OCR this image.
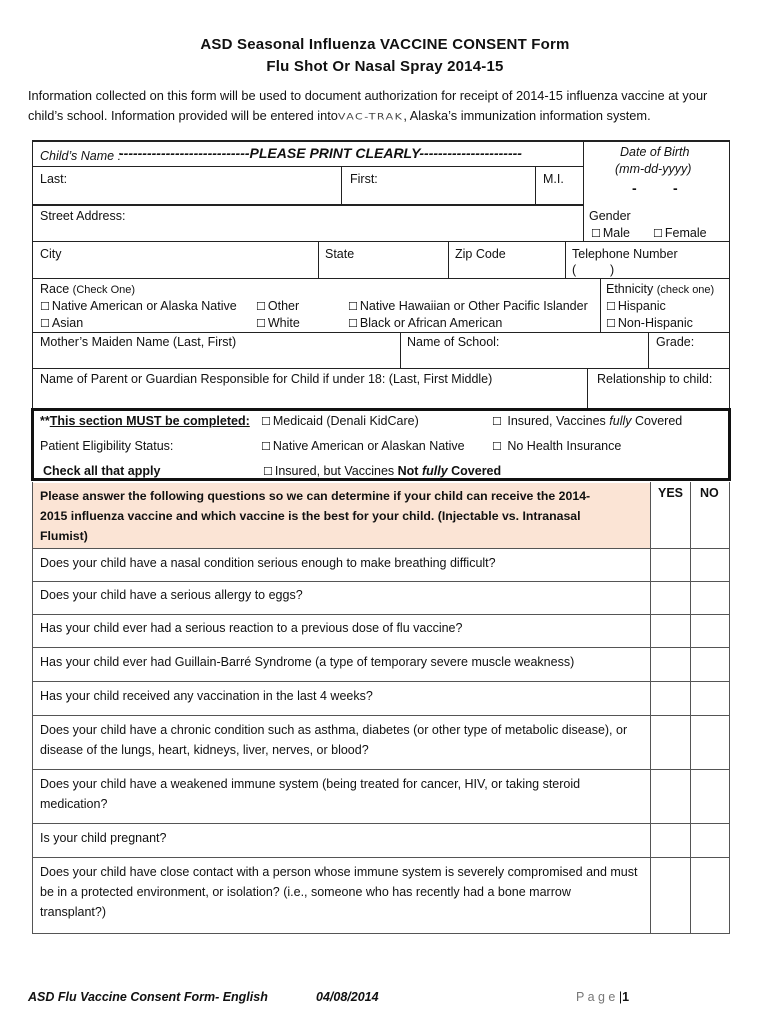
ASD Seasonal Influenza VACCINE CONSENT Form
Flu Shot Or Nasal Spray 2014-15
Information collected on this form will be used to document authorization for receipt of 2014-15 influenza vaccine at your child’s school. Information provided will be entered intoVAC-TRAK, Alaska’s immunization information system.
Child’s Name :
----------------------------PLEASE PRINT CLEARLY----------------------
Last:	First:	M.I.
Date of Birth
(mm-dd-yyyy)
-	-
Street Address:	Gender
☐ Male ☐ Female
City	State	Zip Code	Telephone Number
(	)
Race (Check One)
☐ Native American or Alaska Native ☐ Other	☐ Native Hawaiian or Other Pacific Islander
☐ Asian	☐ White	☐ Black or African American
Ethnicity (check one)
☐ Hispanic
☐ Non-Hispanic
Mother’s Maiden Name (Last, First)	Name of School:	Grade:
Name of Parent or Guardian Responsible for Child if under 18: (Last, First Middle)	Relationship to child:
**This section MUST be completed:
Patient Eligibility Status:
Check all that apply
☐ Medicaid (Denali KidCare)	☐ Insured, Vaccines fully Covered
☐ Native American or Alaskan Native ☐ No Health Insurance
☐ Insured, but Vaccines Not fully Covered
Please answer the following questions so we can determine if your child can receive the 2014-2015 influenza vaccine and which vaccine is the best for your child. (Injectable vs. Intranasal Flumist)
YES NO
Does your child have a nasal condition serious enough to make breathing difficult?
Does your child have a serious allergy to eggs?
Has your child ever had a serious reaction to a previous dose of flu vaccine?
Has your child ever had Guillain-Barré Syndrome (a type of temporary severe muscle weakness)
Has your child received any vaccination in the last 4 weeks?
Does your child have a chronic condition such as asthma, diabetes (or other type of metabolic disease), or disease of the lungs, heart, kidneys, liver, nerves, or blood?
Does your child have a weakened immune system (being treated for cancer, HIV, or taking steroid medication?
Is your child pregnant?
Does your child have close contact with a person whose immune system is severely compromised and must be in a protected environment, or isolation? (i.e., someone who has recently had a bone marrow transplant?)
ASD Flu Vaccine Consent Form- English	04/08/2014	P a g e |1
